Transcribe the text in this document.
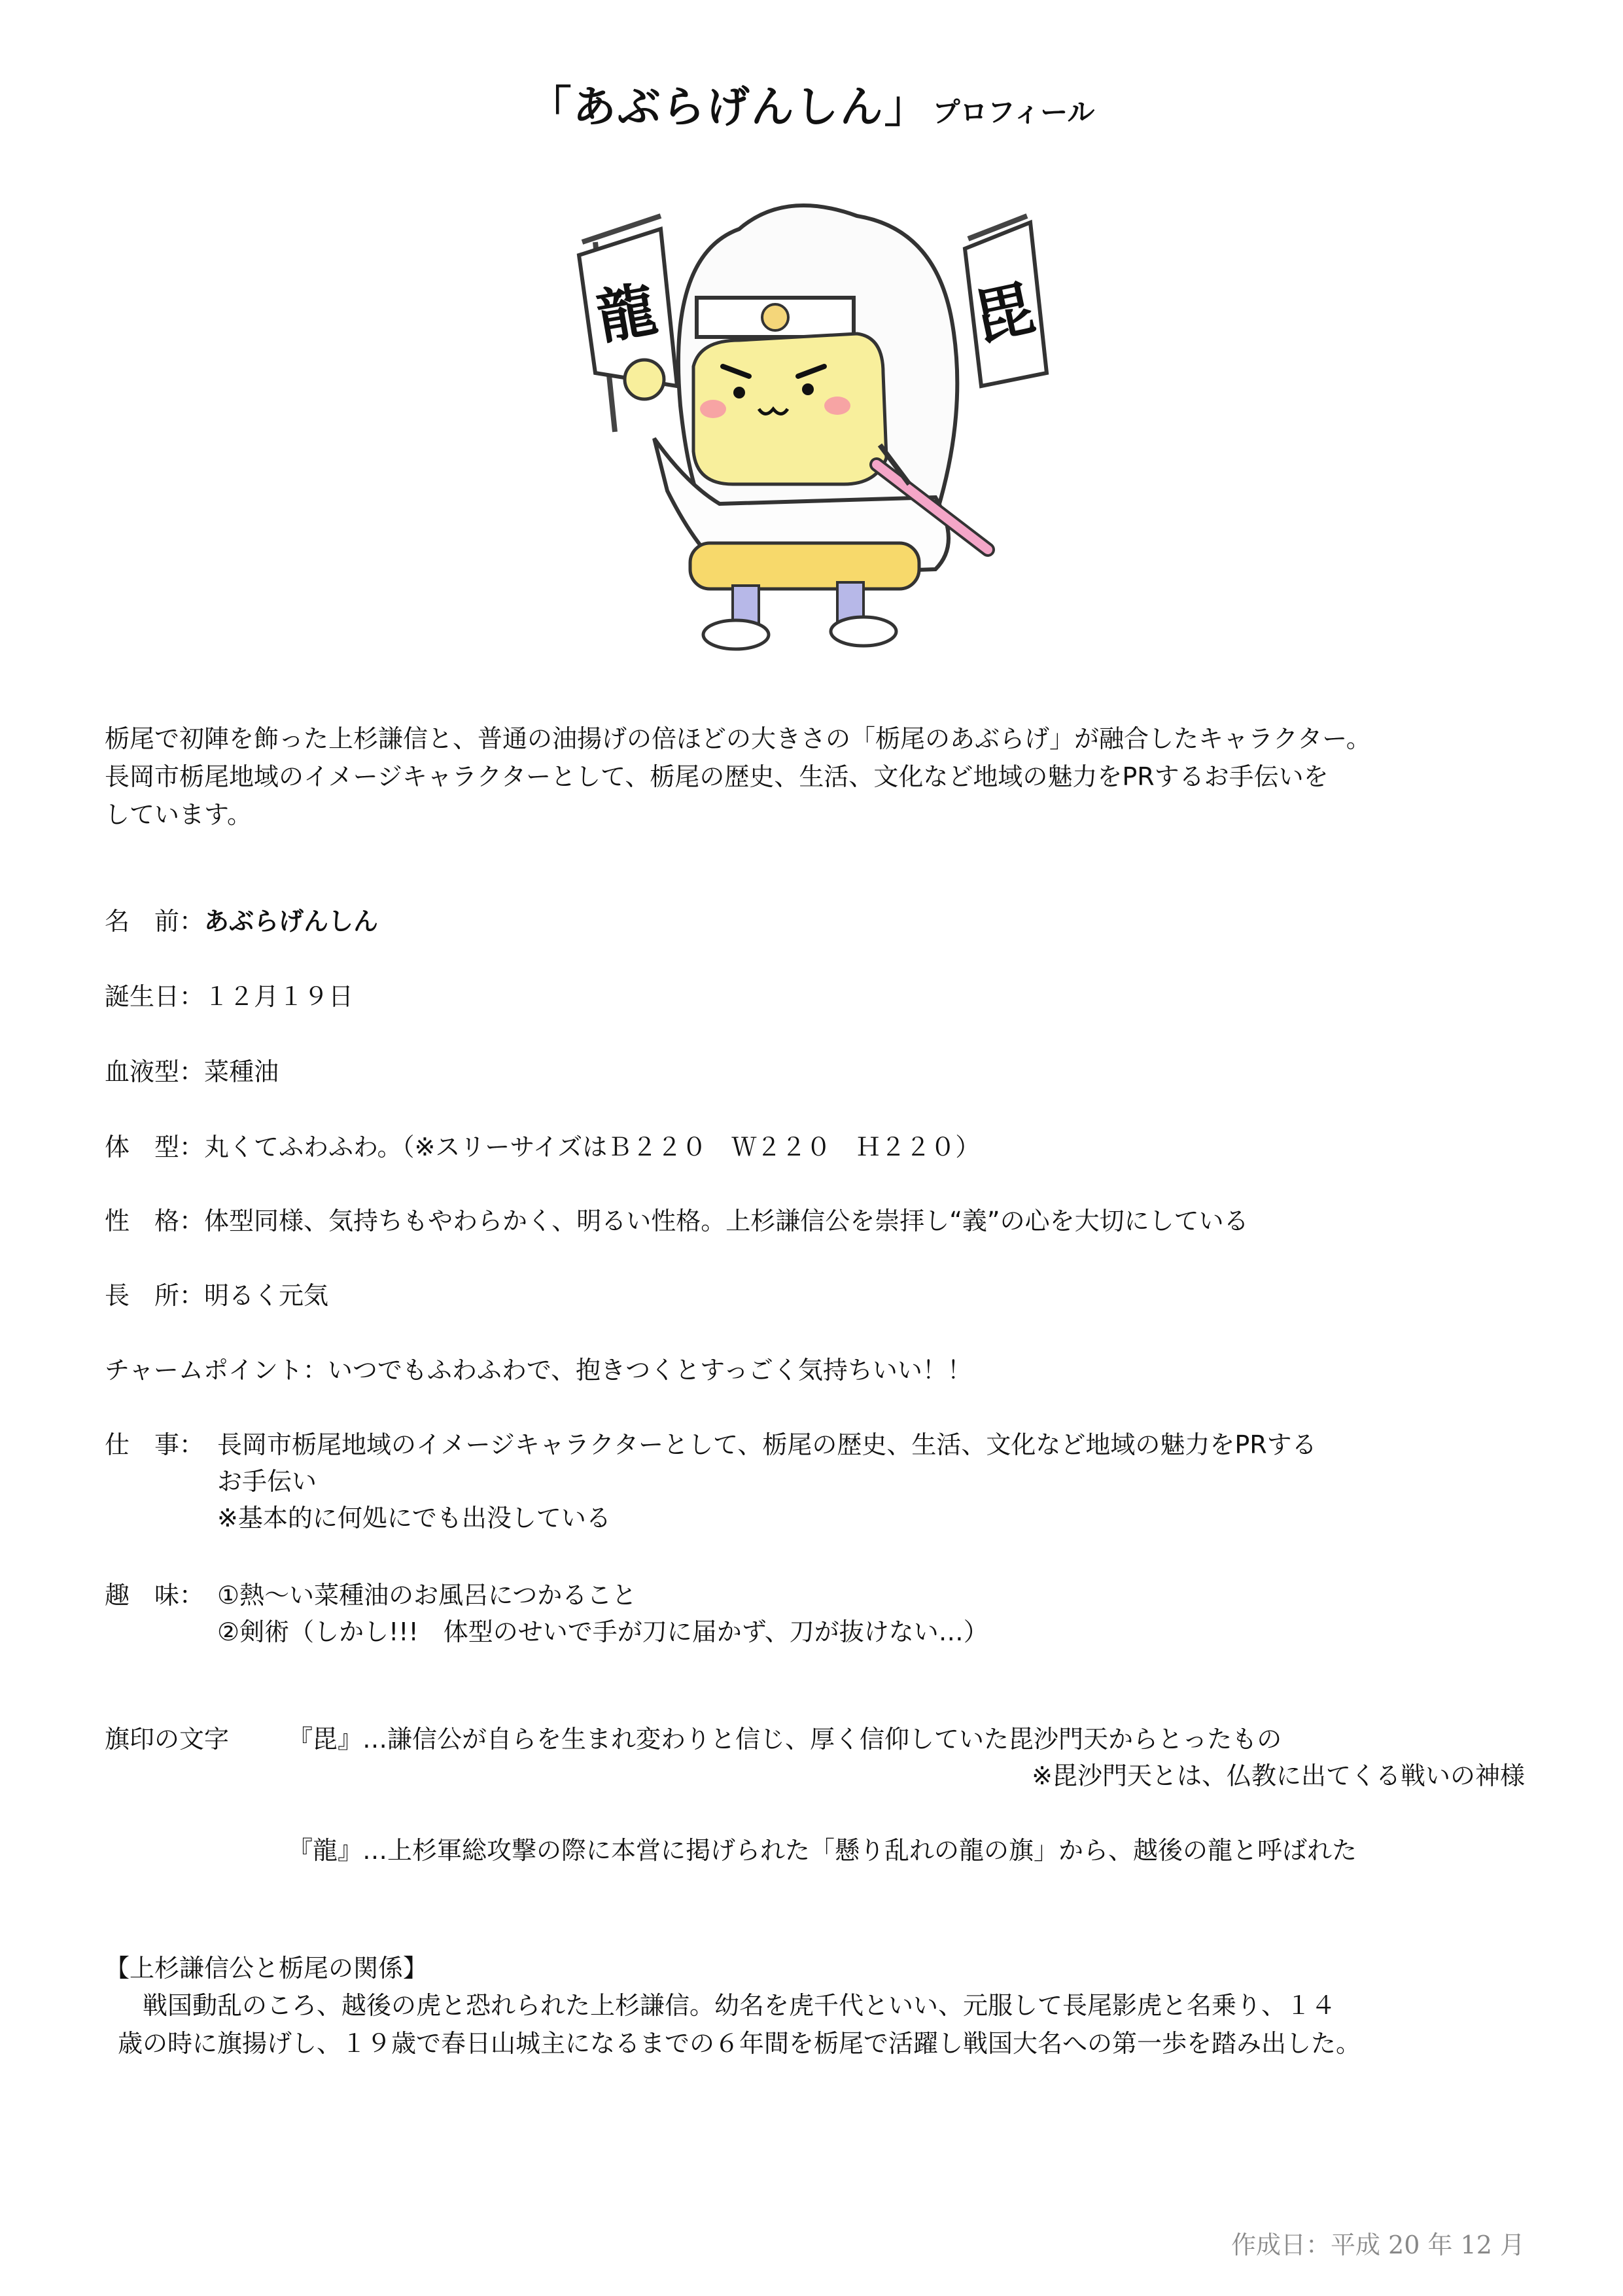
「あぶらげんしん」 プロフィール
龍	毘
栃尾で初陣を飾った上杉謙信と、普通の油揚げの倍ほどの大きさの「栃尾のあぶらげ」が融合したキャラクター。
長岡市栃尾地域のイメージキャラクターとして、栃尾の歴史、生活、文化など地域の魅力をPRするお手伝いを
しています。
名　前：あぶらげんしん
誕生日：１２月１９日
血液型：菜種油
体　型：丸くてふわふわ。（※スリーサイズはＢ２２０　Ｗ２２０　Ｈ２２０）
性　格：体型同様、気持ちもやわらかく、明るい性格。上杉謙信公を崇拝し“義”の心を大切にしている
長　所：明るく元気
チャームポイント：いつでもふわふわで、抱きつくとすっごく気持ちいい！！
仕　事： 長岡市栃尾地域のイメージキャラクターとして、栃尾の歴史、生活、文化など地域の魅力をPRする
お手伝い
※基本的に何処にでも出没している
趣　味： ①熱～い菜種油のお風呂につかること
②剣術（しかし!!!　体型のせいで手が刀に届かず、刀が抜けない…）
旗印の文字 『毘』…謙信公が自らを生まれ変わりと信じ、厚く信仰していた毘沙門天からとったもの
※毘沙門天とは、仏教に出てくる戦いの神様
『龍』…上杉軍総攻撃の際に本営に掲げられた「懸り乱れの龍の旗」から、越後の龍と呼ばれた
【上杉謙信公と栃尾の関係】
戦国動乱のころ、越後の虎と恐れられた上杉謙信。幼名を虎千代といい、元服して長尾影虎と名乗り、１４
歳の時に旗揚げし、１９歳で春日山城主になるまでの６年間を栃尾で活躍し戦国大名への第一歩を踏み出した。
作成日：平成 20 年 12 月
